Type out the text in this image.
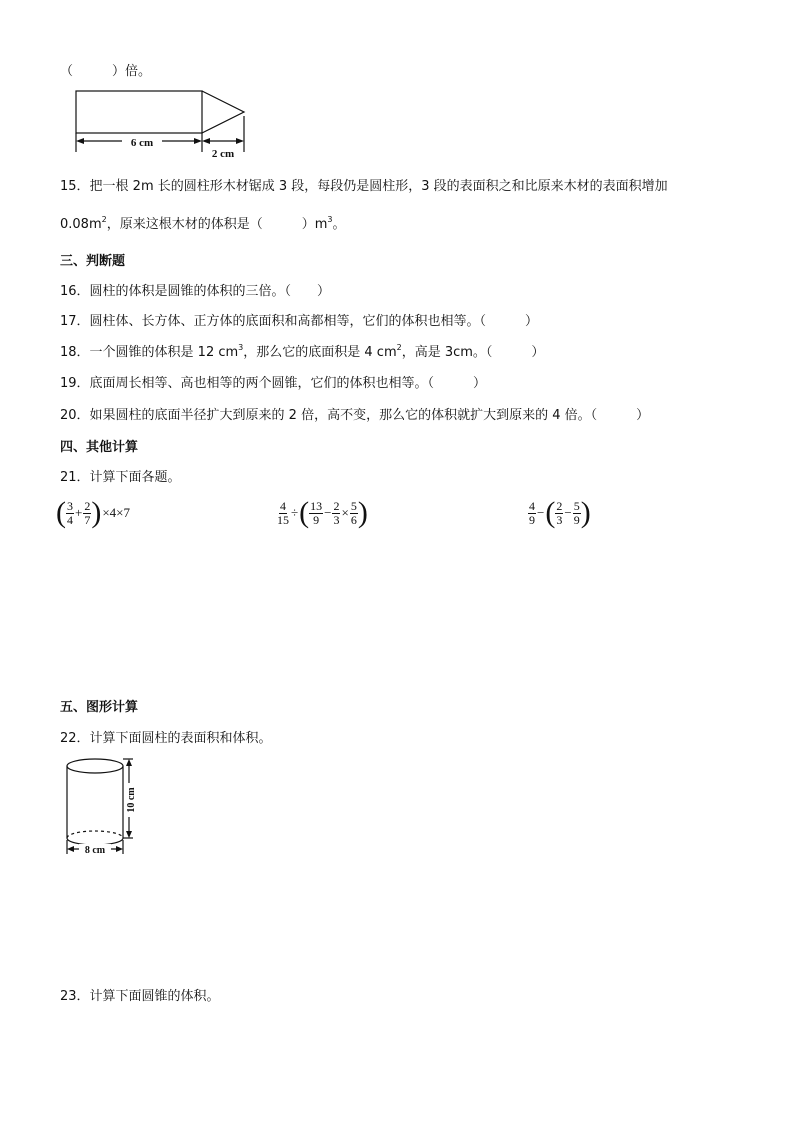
（　　　）倍。
6 cm
2 cm
15．把一根 2m 长的圆柱形木材锯成 3 段，每段仍是圆柱形，3 段的表面积之和比原来木材的表面积增加
$0.08m^2$，原来这根木材的体积是（　　　）$m^3$。
三、判断题
16．圆柱的体积是圆锥的体积的三倍。（　　）
17．圆柱体、长方体、正方体的底面积和高都相等，它们的体积也相等。（　　　）
18．一个圆锥的体积是 12 $cm^3$，那么它的底面积是 4 $cm^2$，高是 3cm。（　　　）
19．底面周长相等、高也相等的两个圆锥，它们的体积也相等。（　　　）
20．如果圆柱的底面半径扩大到原来的 2 倍，高不变，那么它的体积就扩大到原来的 4 倍。（　　　）
四、其他计算
21．计算下面各题。
( $\frac{3}{4} + \frac{2}{7} )\times 4\times 7$	$\frac{4}{15}$ ÷( $\frac{13}{9} - \frac{2}{3} \times \frac{5}{6}$ )	$\frac{4}{9}$ −( $\frac{2}{3} - \frac{5}{9}$ )
五、图形计算
22．计算下面圆柱的表面积和体积。
10 cm
8 cm
23．计算下面圆锥的体积。
